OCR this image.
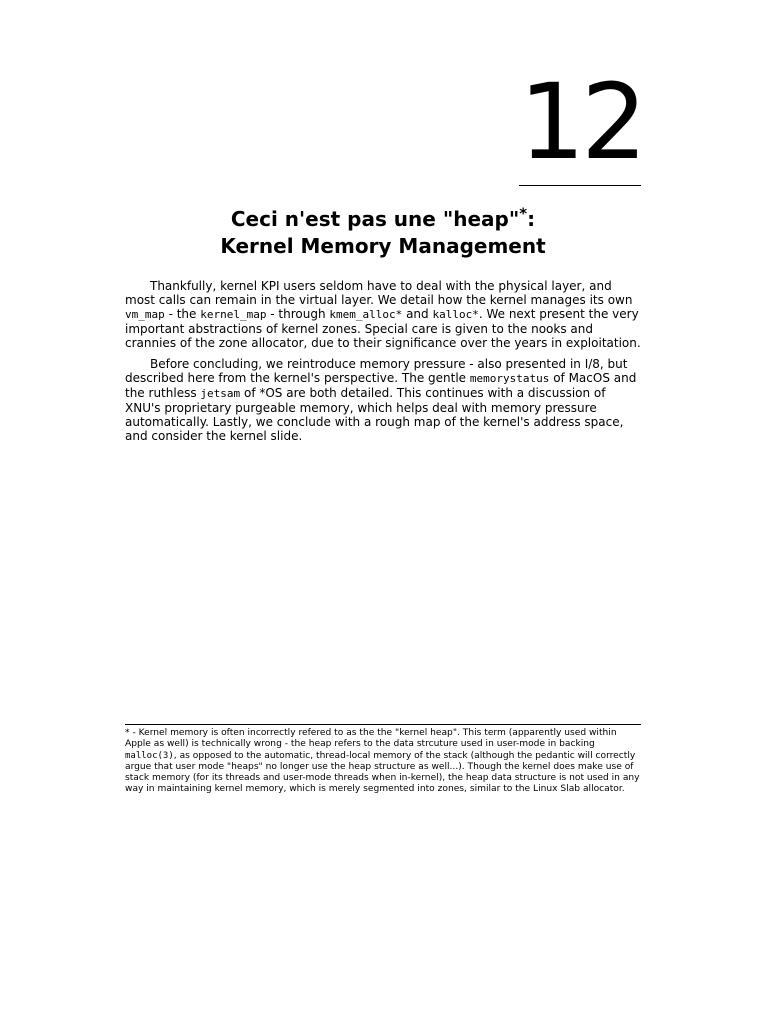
12
Ceci n'est pas une "heap"*:
Kernel Memory Management

Thankfully, kernel KPI users seldom have to deal with the physical layer, and most calls can remain in the virtual layer. We detail how the kernel manages its own vm_map - the kernel_map - through kmem_alloc* and kalloc*. We next present the very important abstractions of kernel zones. Special care is given to the nooks and crannies of the zone allocator, due to their significance over the years in exploitation.

Before concluding, we reintroduce memory pressure - also presented in I/8, but described here from the kernel's perspective. The gentle memorystatus of MacOS and the ruthless jetsam of *OS are both detailed. This continues with a discussion of XNU's proprietary purgeable memory, which helps deal with memory pressure automatically. Lastly, we conclude with a rough map of the kernel's address space, and consider the kernel slide.

* - Kernel memory is often incorrectly refered to as the the "kernel heap". This term (apparently used within Apple as well) is technically wrong - the heap refers to the data strcuture used in user-mode in backing malloc(3), as opposed to the automatic, thread-local memory of the stack (although the pedantic will correctly argue that user mode "heaps" no longer use the heap structure as well...). Though the kernel does make use of stack memory (for its threads and user-mode threads when in-kernel), the heap data structure is not used in any way in maintaining kernel memory, which is merely segmented into zones, similar to the Linux Slab allocator.
